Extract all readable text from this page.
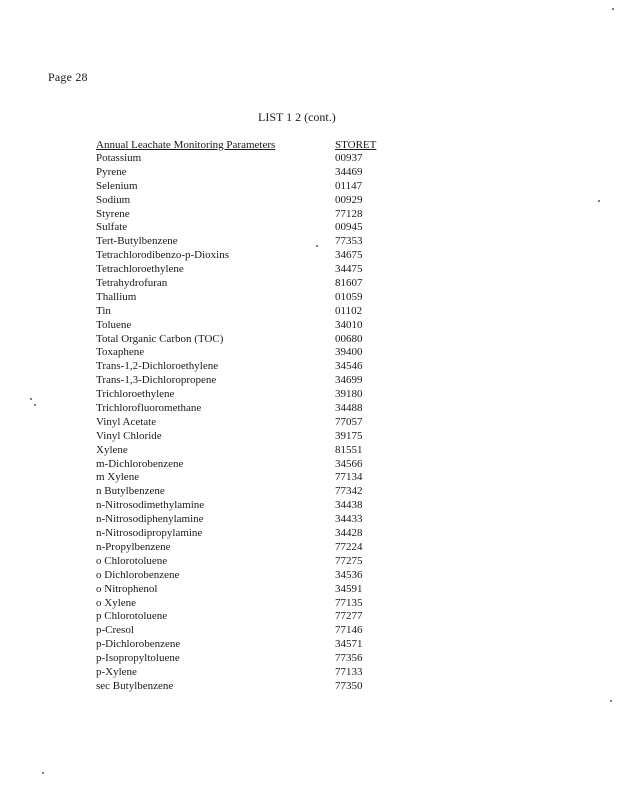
Page 28
LIST 1 2 (cont.)
Annual Leachate Monitoring Parameters	STORET
Potassium	00937
Pyrene	34469
Selenium	01147
Sodium	00929
Styrene	77128
Sulfate	00945
Tert-Butylbenzene	77353
Tetrachlorodibenzo-p-Dioxins	34675
Tetrachloroethylene	34475
Tetrahydrofuran	81607
Thallium	01059
Tin	01102
Toluene	34010
Total Organic Carbon (TOC)	00680
Toxaphene	39400
Trans-1,2-Dichloroethylene	34546
Trans-1,3-Dichloropropene	34699
Trichloroethylene	39180
Trichlorofluoromethane	34488
Vinyl Acetate	77057
Vinyl Chloride	39175
Xylene	81551
m-Dichlorobenzene	34566
m Xylene	77134
n Butylbenzene	77342
n-Nitrosodimethylamine	34438
n-Nitrosodiphenylamine	34433
n-Nitrosodipropylamine	34428
n-Propylbenzene	77224
o Chlorotoluene	77275
o Dichlorobenzene	34536
o Nitrophenol	34591
o Xylene	77135
p Chlorotoluene	77277
p-Cresol	77146
p-Dichlorobenzene	34571
p-Isopropyltoluene	77356
p-Xylene	77133
sec Butylbenzene	77350
